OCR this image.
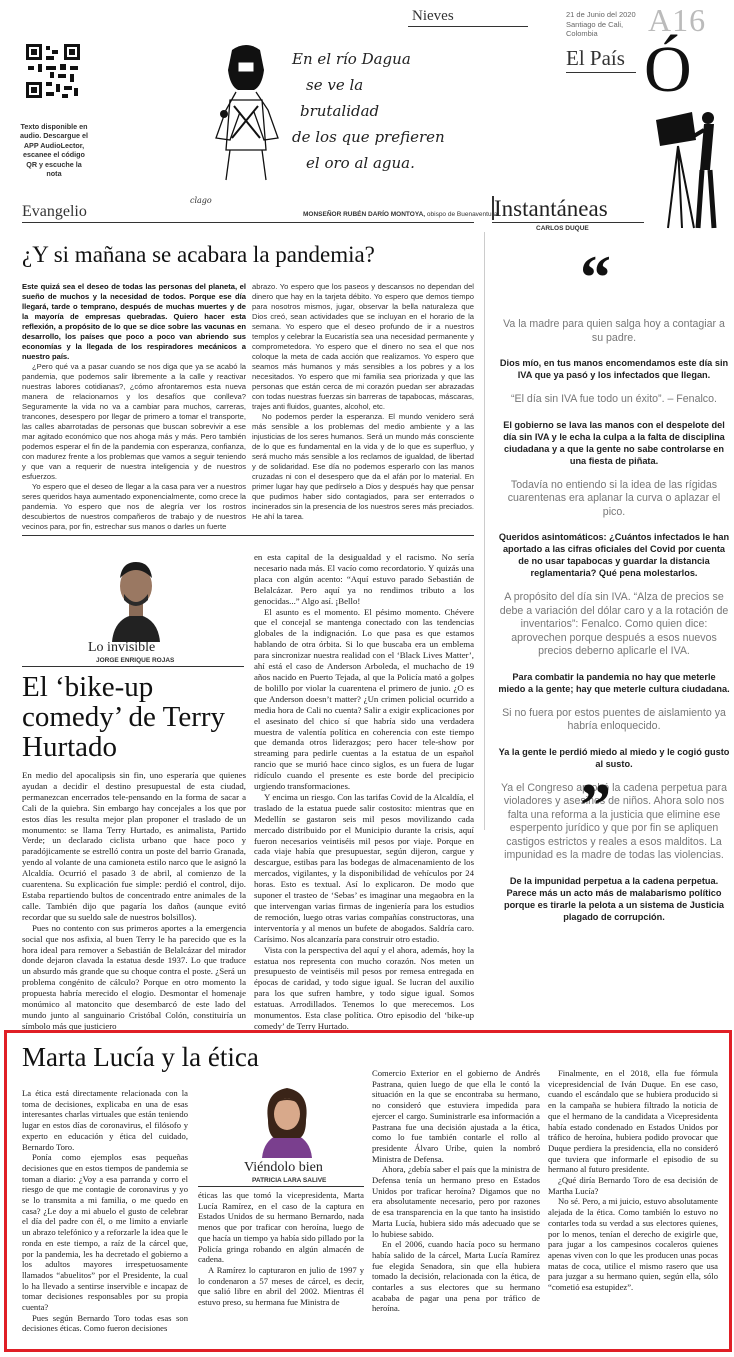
Nieves	21 de Junio del 2020 Santiago de Cali, Colombia	A16
El País Ó
Texto disponible en audio. Descargue el APP AudioLector, escanee el código QR y escuche la nota
clago
En el río Dagua
se ve la
brutalidad
de los que prefieren
el oro al agua.
Instantáneas
CARLOS DUQUE
Evangelio	MONSEÑOR RUBÉN DARÍO MONTOYA, obispo de Buenaventura
¿Y si mañana se acabara la pandemia?

Este quizá sea el deseo de todas las personas del planeta, el sueño de muchos y la necesidad de todos. Porque ese día llegará, tarde o temprano, después de muchas muertes y de la mayoría de empresas quebradas. Quiero hacer esta reflexión, a propósito de lo que se dice sobre las vacunas en desarrollo, los países que poco a poco van abriendo sus economías y la llegada de los respiradores mecánicos a nuestro país.

¿Pero qué va a pasar cuando se nos diga que ya se acabó la pandemia, que podemos salir libremente a la calle y reactivar nuestras labores cotidianas?, ¿cómo afrontaremos esta nueva manera de relacionarnos y los desafíos que conlleva? Seguramente la vida no va a cambiar para muchos, carreras, trancones, desespero por llegar de primero a tomar el transporte, las calles abarrotadas de personas que buscan sobrevivir a ese mar agitado económico que nos ahoga más y más. Pero también podemos esperar el fin de la pandemia con esperanza, confianza, con madurez frente a los problemas que vamos a seguir teniendo y que van a requerir de nuestra inteligencia y de nuestros esfuerzos.

Yo espero que el deseo de llegar a la casa para ver a nuestros seres queridos haya aumentado exponencialmente, como crece la pandemia. Yo espero que nos de alegría ver los rostros descubiertos de nuestros compañeros de trabajo y de nuestros vecinos para, por fin, estrechar sus manos o darles un fuerte

abrazo. Yo espero que los paseos y descansos no dependan del dinero que hay en la tarjeta débito. Yo espero que demos tiempo para nosotros mismos, jugar, observar la bella naturaleza que Dios creó, sean actividades que se incluyan en el horario de la semana. Yo espero que el deseo profundo de ir a nuestros templos y celebrar la Eucaristía sea una necesidad permanente y comprometedora. Yo espero que el dinero no sea el que nos coloque la meta de cada acción que realizamos. Yo espero que seamos más humanos y más sensibles a los pobres y a los necesitados. Yo espero que mi familia sea priorizada y que las personas que están cerca de mi corazón puedan ser abrazadas con todas nuestras fuerzas sin barreras de tapabocas, máscaras, trajes anti fluidos, guantes, alcohol, etc.

No podemos perder la esperanza. El mundo venidero será más sensible a los problemas del medio ambiente y a las injusticias de los seres humanos. Será un mundo más consciente de lo que es fundamental en la vida y de lo que es superfluo, y será mucho más sensible a los reclamos de igualdad, de libertad y de solidaridad. Ese día no podemos esperarlo con las manos cruzadas ni con el desespero que da el afán por lo material. En primer lugar hay que pedírselo a Dios y después hay que pensar que pudimos haber sido contagiados, para ser enterrados o incinerados sin la presencia de los nuestros seres más preciados. He ahí la tarea.

“
Va la madre para quien salga hoy a contagiar a su padre.
Dios mío, en tus manos encomendamos este día sin IVA que ya pasó y los infectados que llegan.
“El día sin IVA fue todo un éxito”. – Fenalco.
El gobierno se lava las manos con el despelote del día sin IVA y le echa la culpa a la falta de disciplina ciudadana y a que la gente no sabe controlarse en una fiesta de piñata.
Todavía no entiendo si la idea de las rígidas cuarentenas era aplanar la curva o aplazar el pico.
Queridos asintomáticos: ¿Cuántos infectados le han aportado a las cifras oficiales del Covid por cuenta de no usar tapabocas y guardar la distancia reglamentaria? Qué pena molestarlos.
A propósito del día sin IVA. “Alza de precios se debe a variación del dólar caro y a la rotación de inventarios”: Fenalco. Como quien dice: aprovechen porque después a esos nuevos precios deberno aplicarle el IVA.
Para combatir la pandemia no hay que meterle miedo a la gente; hay que meterle cultura ciudadana.
Si no fuera por estos puentes de aislamiento ya habría enloquecido.
Ya la gente le perdió miedo al miedo y le cogió gusto al susto.
Ya el Congreso aprobó la cadena perpetua para violadores y asesinos de niños. Ahora solo nos falta una reforma a la justicia que elimine ese esperpento jurídico y que por fin se apliquen castigos estrictos y reales a esos malditos. La impunidad es la madre de todas las violencias.
De la impunidad perpetua a la cadena perpetua. Parece más un acto más de malabarismo político porque es tirarle la pelota a un sistema de Justicia plagado de corrupción.
”
Lo invisible
JORGE ENRIQUE ROJAS
El ‘bike-up comedy’ de Terry Hurtado

En medio del apocalipsis sin fin, uno esperaría que quienes ayudan a decidir el destino presupuestal de esta ciudad, permanezcan encerrados tele-pensando en la forma de sacar a Cali de la quiebra. Sin embargo hay concejales a los que por estos días les resulta mejor plan proponer el traslado de un monumento: se llama Terry Hurtado, es animalista, Partido Verde; un declarado ciclista urbano que hace poco y paradójicamente se estrelló contra un poste del barrio Granada, yendo al volante de una camioneta estilo narco que le asignó la Alcaldía. Ocurrió el pasado 3 de abril, al comienzo de la cuarentena. Su explicación fue simple: perdió el control, dijo. Estaba repartiendo bultos de concentrado entre animales de la calle. También dijo que pagaría los daños (aunque evitó recordar que su sueldo sale de nuestros bolsillos).

Pues no contento con sus primeros aportes a la emergencia social que nos asfixia, al buen Terry le ha parecido que es la hora ideal para remover a Sebastián de Belalcázar del mirador donde dejaron clavada la estatua desde 1937. Lo que traduce un absurdo más grande que su choque contra el poste. ¿Será un problema congénito de cálculo? Porque en otro momento la propuesta habría merecido el elogio. Desmontar el homenaje monúmico al matoncito que desembarcó de este lado del mundo junto al sanguinario Cristóbal Colón, constituiría un símbolo más que justiciero

en esta capital de la desigualdad y el racismo. No sería necesario nada más. El vacío como recordatorio. Y quizás una placa con algún acento: “Aquí estuvo parado Sebastián de Belalcázar. Pero aquí ya no rendimos tributo a los genocidas...” Algo así. ¡Bello!

El asunto es el momento. El pésimo momento. Chévere que el concejal se mantenga conectado con las tendencias globales de la indignación. Lo que pasa es que estamos hablando de otra órbita. Si lo que buscaba era un emblema para sincronizar nuestra realidad con el ‘Black Lives Matter’, ahí está el caso de Anderson Arboleda, el muchacho de 19 años nacido en Puerto Tejada, al que la Policía mató a golpes de bolillo por violar la cuarentena el primero de junio. ¿O es que Anderson doesn’t matter? ¿Un crimen policial ocurrido a media hora de Cali no cuenta? Salir a exigir explicaciones por el asesinato del chico sí que habría sido una verdadera muestra de valentía política en coherencia con este tiempo que demanda otros liderazgos; pero hacer tele-show por streaming para pedirle cuentas a la estatua de un español rancio que se murió hace cinco siglos, es un fuera de lugar ridículo cuando el presente es este borde del precipicio urgiendo transformaciones.

Y encima un riesgo. Con las tarifas Covid de la Alcaldía, el traslado de la estatua puede salir costosito: mientras que en Medellín se gastaron seis mil pesos movilizando cada mercado distribuido por el Municipio durante la crisis, aquí fueron necesarios veintiséis mil pesos por viaje. Porque en cada viaje había que presupuestar, según dijeron, cargue y descargue, estibas para las bodegas de almacenamiento de los mercados, vigilantes, y la disponibilidad de vehículos por 24 horas. Esto es textual. Así lo explicaron. De modo que suponer el trasteo de ‘Sebas’ es imaginar una megaobra en la que intervengan varias firmas de ingeniería para los estudios de remoción, luego otras varias compañías constructoras, una interventoría y al menos un bufete de abogados. Saldría caro. Carísimo. Nos alcanzaría para construir otro estadio.

Vista con la perspectiva del aquí y el ahora, además, hoy la estatua nos representa con mucho corazón. Nos meten un presupuesto de veintiséis mil pesos por remesa entregada en épocas de caridad, y todo sigue igual. Se lucran del auxilio para los que sufren hambre, y todo sigue igual. Somos estatuas. Arrodillados. Tenemos lo que merecemos. Los monumentos. Esta clase política. Otro episodio del ‘bike-up comedy’ de Terry Hurtado.

Marta Lucía y la ética

La ética está directamente relacionada con la toma de decisiones, explicaba en una de esas interesantes charlas virtuales que están teniendo lugar en estos días de coronavirus, el filósofo y experto en educación y ética del cuidado, Bernardo Toro.

Ponía como ejemplos esas pequeñas decisiones que en estos tiempos de pandemia se toman a diario: ¿Voy a esa parranda y corro el riesgo de que me contagie de coronavirus y yo se lo transmita a mi familia, o me quedo en casa? ¿Le doy a mi abuelo el gusto de celebrar el día del padre con él, o me limito a enviarle un abrazo telefónico y a reforzarle la idea que le ronda en este tiempo, a raíz de la cárcel que, por la pandemia, les ha decretado el gobierno a los adultos mayores irrespetuosamente llamados “abuelitos” por el Presidente, la cual lo ha llevado a sentirse inservible e incapaz de tomar decisiones responsables por su propia cuenta?

Pues según Bernardo Toro todas esas son decisiones éticas. Como fueron decisiones

Viéndolo bien
PATRICIA LARA SALIVE

éticas las que tomó la vicepresidenta, Marta Lucía Ramírez, en el caso de la captura en Estados Unidos de su hermano Bernardo, nada menos que por traficar con heroína, luego de que hacía un tiempo ya había sido pillado por la Policía gringa robando en algún almacén de cadena.

A Ramírez lo capturaron en julio de 1997 y lo condenaron a 57 meses de cárcel, es decir, que salió libre en abril del 2002. Mientras él estuvo preso, su hermana fue Ministra de

Comercio Exterior en el gobierno de Andrés Pastrana, quien luego de que ella le contó la situación en la que se encontraba su hermano, no consideró que estuviera impedida para ejercer el cargo. Suministrarle esa información a Pastrana fue una decisión ajustada a la ética, como lo fue también contarle el rollo al presidente Álvaro Uribe, quien la nombró Ministra de Defensa.

Ahora, ¿debía saber el país que la ministra de Defensa tenía un hermano preso en Estados Unidos por traficar heroína? Digamos que no era absolutamente necesario, pero por razones de esa transparencia en la que tanto ha insistido Marta Lucía, hubiera sido más adecuado que se lo hubiese sabido.

En el 2006, cuando hacía poco su hermano había salido de la cárcel, Marta Lucía Ramírez fue elegida Senadora, sin que ella hubiera tomado la decisión, relacionada con la ética, de contarles a sus electores que su hermano acababa de pagar una pena por tráfico de heroína.

Finalmente, en el 2018, ella fue fórmula vicepresidencial de Iván Duque. En ese caso, cuando el escándalo que se hubiera producido si en la campaña se hubiera filtrado la noticia de que el hermano de la candidata a Vicepresidenta había estado condenado en Estados Unidos por tráfico de heroína, hubiera podido provocar que Duque perdiera la presidencia, ella no consideró que tuviera que informarle el episodio de su hermano al futuro presidente.

¿Qué diría Bernardo Toro de esa decisión de Martha Lucía?

No sé. Pero, a mi juicio, estuvo absolutamente alejada de la ética. Como también lo estuvo no contarles toda su verdad a sus electores quienes, por lo menos, tenían el derecho de exigirle que, para jugar a los campesinos cocaleros quienes apenas viven con lo que les producen unas pocas matas de coca, utilice el mismo rasero que usa para juzgar a su hermano quien, según ella, sólo “cometió esa estupidez”.
